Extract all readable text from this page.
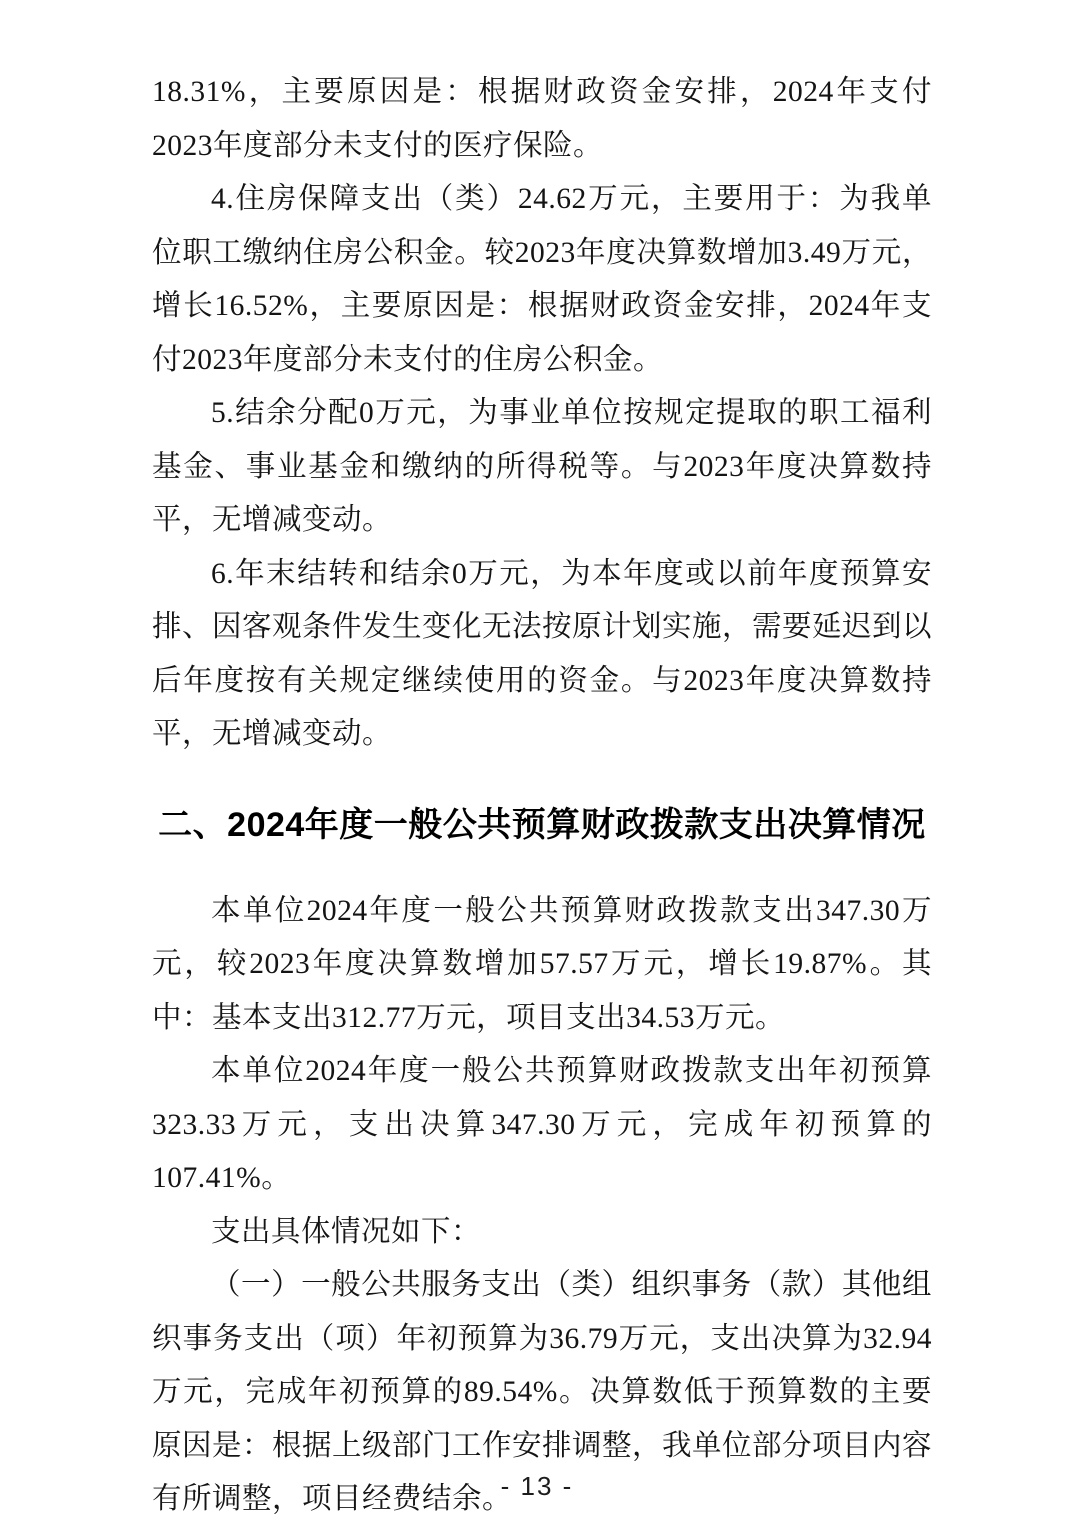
18.31%，主要原因是：根据财政资金安排，2024年支付2023年度部分未支付的医疗保险。

4.住房保障支出（类）24.62万元，主要用于：为我单位职工缴纳住房公积金。较2023年度决算数增加3.49万元，增长16.52%，主要原因是：根据财政资金安排，2024年支付2023年度部分未支付的住房公积金。

5.结余分配0万元，为事业单位按规定提取的职工福利基金、事业基金和缴纳的所得税等。与2023年度决算数持平，无增减变动。

6.年末结转和结余0万元，为本年度或以前年度预算安排、因客观条件发生变化无法按原计划实施，需要延迟到以后年度按有关规定继续使用的资金。与2023年度决算数持平，无增减变动。

二、2024年度一般公共预算财政拨款支出决算情况

本单位2024年度一般公共预算财政拨款支出347.30万元，较2023年度决算数增加57.57万元，增长19.87%。其中：基本支出312.77万元，项目支出34.53万元。

本单位2024年度一般公共预算财政拨款支出年初预算323.33万元，支出决算347.30万元，完成年初预算的107.41%。

支出具体情况如下：

（一）一般公共服务支出（类）组织事务（款）其他组织事务支出（项）年初预算为36.79万元，支出决算为32.94万元，完成年初预算的89.54%。决算数低于预算数的主要原因是：根据上级部门工作安排调整，我单位部分项目内容有所调整，项目经费结余。

- 13 -
